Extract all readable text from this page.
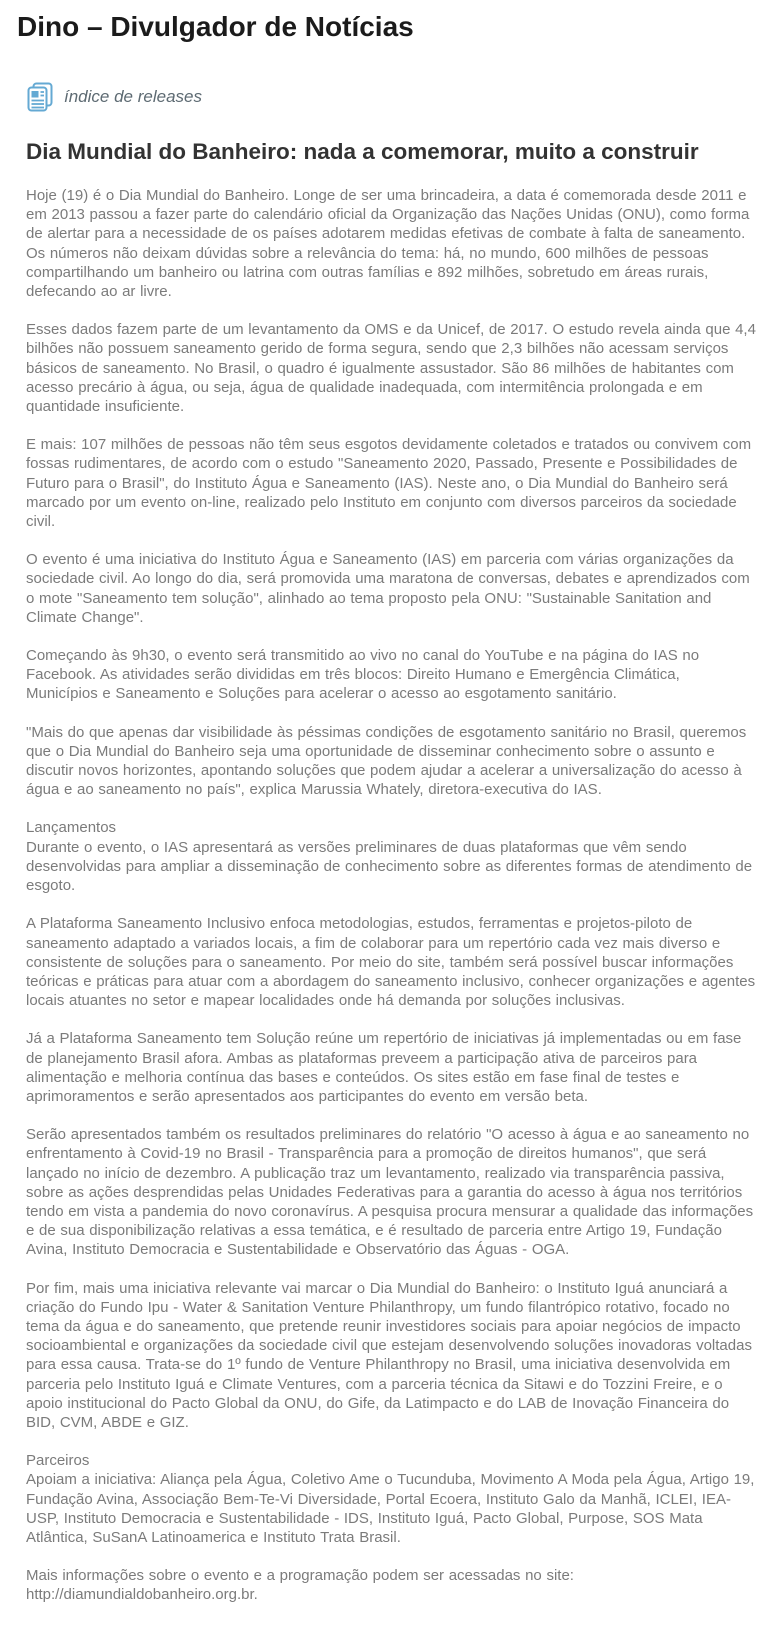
Dino – Divulgador de Notícias
índice de releases
Dia Mundial do Banheiro: nada a comemorar, muito a construir

Hoje (19) é o Dia Mundial do Banheiro. Longe de ser uma brincadeira, a data é comemorada desde 2011 e em 2013 passou a fazer parte do calendário oficial da Organização das Nações Unidas (ONU), como forma de alertar para a necessidade de os países adotarem medidas efetivas de combate à falta de saneamento. Os números não deixam dúvidas sobre a relevância do tema: há, no mundo, 600 milhões de pessoas compartilhando um banheiro ou latrina com outras famílias e 892 milhões, sobretudo em áreas rurais, defecando ao ar livre.

Esses dados fazem parte de um levantamento da OMS e da Unicef, de 2017. O estudo revela ainda que 4,4 bilhões não possuem saneamento gerido de forma segura, sendo que 2,3 bilhões não acessam serviços básicos de saneamento. No Brasil, o quadro é igualmente assustador. São 86 milhões de habitantes com acesso precário à água, ou seja, água de qualidade inadequada, com intermitência prolongada e em quantidade insuficiente.

E mais: 107 milhões de pessoas não têm seus esgotos devidamente coletados e tratados ou convivem com fossas rudimentares, de acordo com o estudo "Saneamento 2020, Passado, Presente e Possibilidades de Futuro para o Brasil", do Instituto Água e Saneamento (IAS). Neste ano, o Dia Mundial do Banheiro será marcado por um evento on-line, realizado pelo Instituto em conjunto com diversos parceiros da sociedade civil.

O evento é uma iniciativa do Instituto Água e Saneamento (IAS) em parceria com várias organizações da sociedade civil. Ao longo do dia, será promovida uma maratona de conversas, debates e aprendizados com o mote "Saneamento tem solução", alinhado ao tema proposto pela ONU: "Sustainable Sanitation and Climate Change".

Começando às 9h30, o evento será transmitido ao vivo no canal do YouTube e na página do IAS no Facebook. As atividades serão divididas em três blocos: Direito Humano e Emergência Climática, Municípios e Saneamento e Soluções para acelerar o acesso ao esgotamento sanitário.

"Mais do que apenas dar visibilidade às péssimas condições de esgotamento sanitário no Brasil, queremos que o Dia Mundial do Banheiro seja uma oportunidade de disseminar conhecimento sobre o assunto e discutir novos horizontes, apontando soluções que podem ajudar a acelerar a universalização do acesso à água e ao saneamento no país", explica Marussia Whately, diretora-executiva do IAS.

Lançamentos
Durante o evento, o IAS apresentará as versões preliminares de duas plataformas que vêm sendo desenvolvidas para ampliar a disseminação de conhecimento sobre as diferentes formas de atendimento de esgoto.

A Plataforma Saneamento Inclusivo enfoca metodologias, estudos, ferramentas e projetos-piloto de saneamento adaptado a variados locais, a fim de colaborar para um repertório cada vez mais diverso e consistente de soluções para o saneamento. Por meio do site, também será possível buscar informações teóricas e práticas para atuar com a abordagem do saneamento inclusivo, conhecer organizações e agentes locais atuantes no setor e mapear localidades onde há demanda por soluções inclusivas.

Já a Plataforma Saneamento tem Solução reúne um repertório de iniciativas já implementadas ou em fase de planejamento Brasil afora. Ambas as plataformas preveem a participação ativa de parceiros para alimentação e melhoria contínua das bases e conteúdos. Os sites estão em fase final de testes e aprimoramentos e serão apresentados aos participantes do evento em versão beta.

Serão apresentados também os resultados preliminares do relatório "O acesso à água e ao saneamento no enfrentamento à Covid-19 no Brasil - Transparência para a promoção de direitos humanos", que será lançado no início de dezembro. A publicação traz um levantamento, realizado via transparência passiva, sobre as ações desprendidas pelas Unidades Federativas para a garantia do acesso à água nos territórios tendo em vista a pandemia do novo coronavírus. A pesquisa procura mensurar a qualidade das informações e de sua disponibilização relativas a essa temática, e é resultado de parceria entre Artigo 19, Fundação Avina, Instituto Democracia e Sustentabilidade e Observatório das Águas - OGA.

Por fim, mais uma iniciativa relevante vai marcar o Dia Mundial do Banheiro: o Instituto Iguá anunciará a criação do Fundo Ipu - Water & Sanitation Venture Philanthropy, um fundo filantrópico rotativo, focado no tema da água e do saneamento, que pretende reunir investidores sociais para apoiar negócios de impacto socioambiental e organizações da sociedade civil que estejam desenvolvendo soluções inovadoras voltadas para essa causa. Trata-se do 1º fundo de Venture Philanthropy no Brasil, uma iniciativa desenvolvida em parceria pelo Instituto Iguá e Climate Ventures, com a parceria técnica da Sitawi e do Tozzini Freire, e o apoio institucional do Pacto Global da ONU, do Gife, da Latimpacto e do LAB de Inovação Financeira do BID, CVM, ABDE e GIZ.

Parceiros
Apoiam a iniciativa: Aliança pela Água, Coletivo Ame o Tucunduba, Movimento A Moda pela Água, Artigo 19, Fundação Avina, Associação Bem-Te-Vi Diversidade, Portal Ecoera, Instituto Galo da Manhã, ICLEI, IEA-USP, Instituto Democracia e Sustentabilidade - IDS, Instituto Iguá, Pacto Global, Purpose, SOS Mata Atlântica, SuSanA Latinoamerica e Instituto Trata Brasil.

Mais informações sobre o evento e a programação podem ser acessadas no site:
http://diamundialdobanheiro.org.br.
